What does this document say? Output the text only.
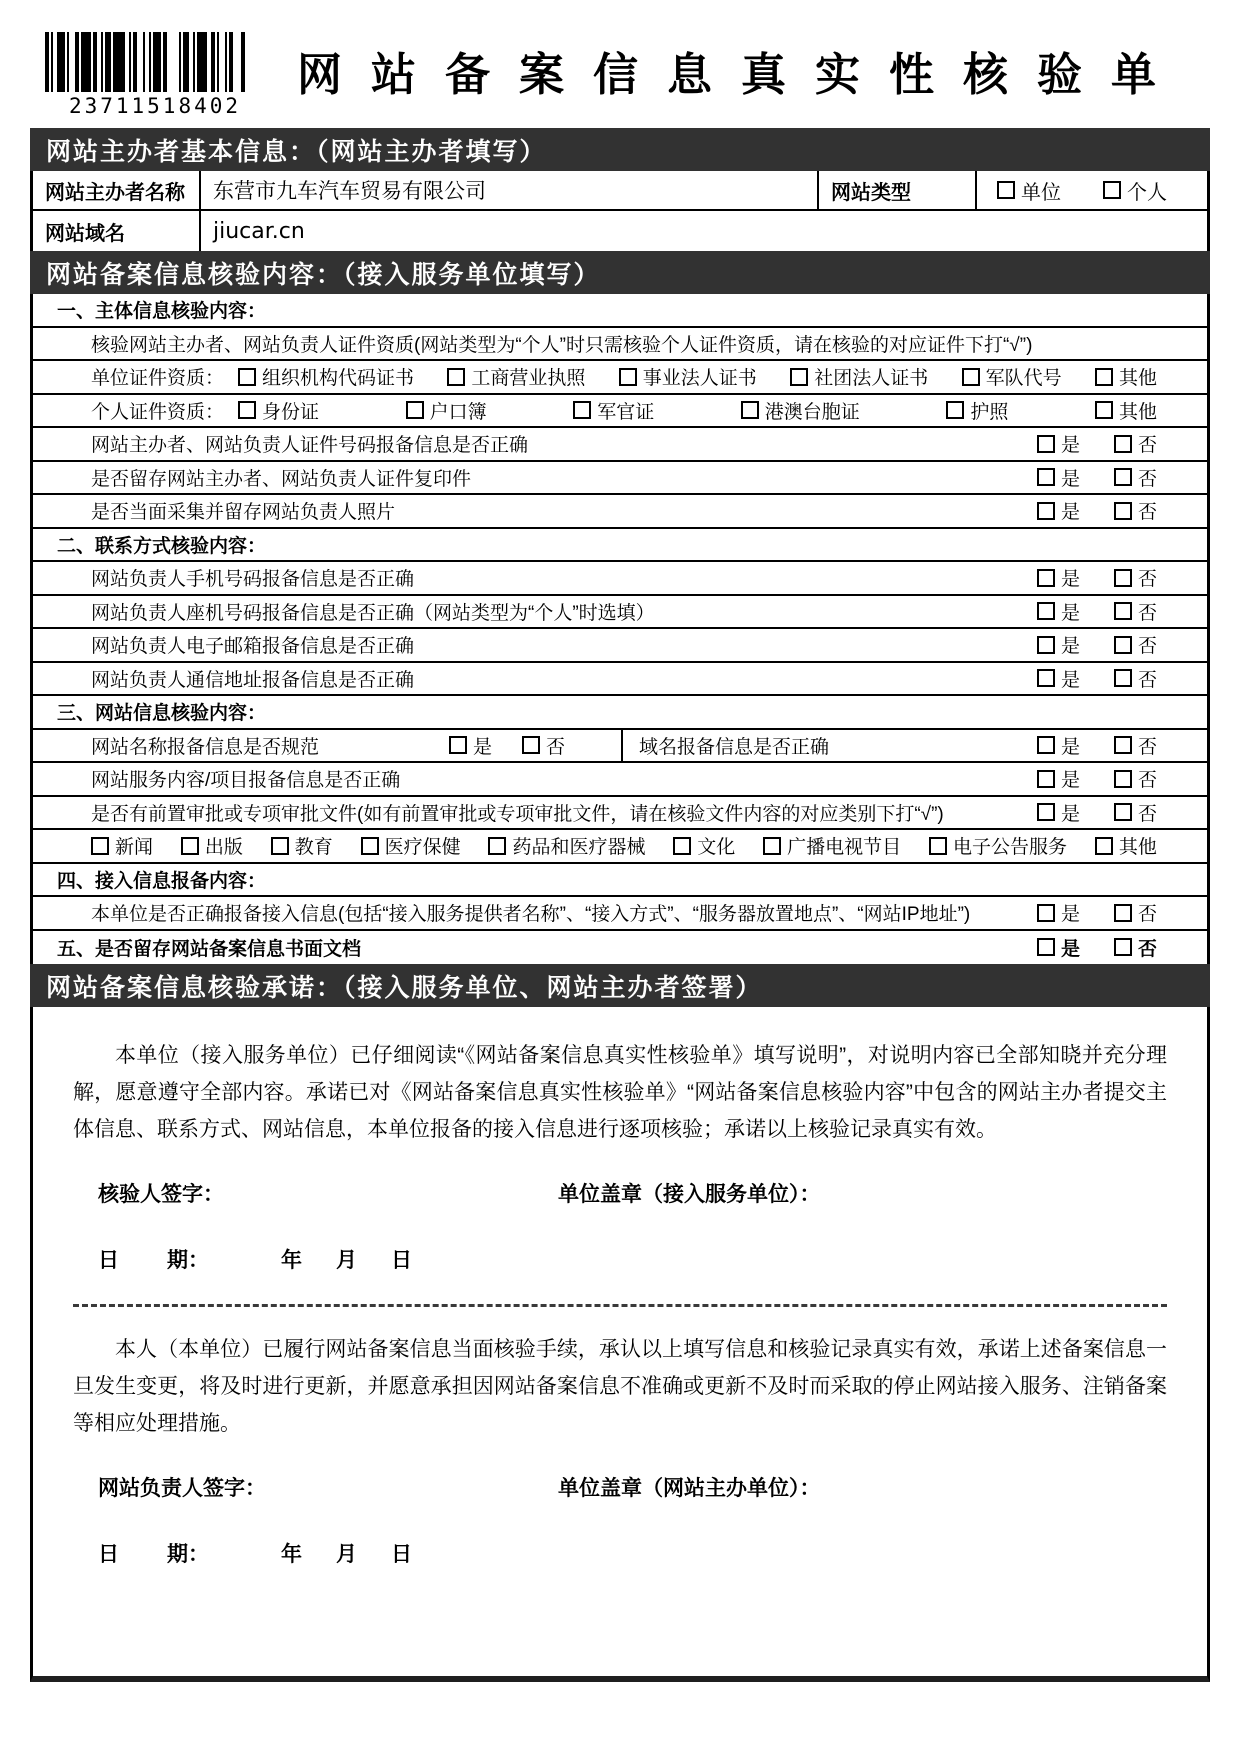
23711518402
网站备案信息真实性核验单
网站主办者基本信息：（网站主办者填写）
网站主办者名称	东营市九车汽车贸易有限公司	网站类型	单位	个人
网站域名	jiucar.cn
网站备案信息核验内容：（接入服务单位填写）
一、主体信息核验内容：
核验网站主办者、网站负责人证件资质(网站类型为“个人”时只需核验个人证件资质，请在核验的对应证件下打“√”)
单位证件资质： 组织机构代码证书	工商营业执照	事业法人证书	社团法人证书	军队代号	其他
个人证件资质： 身份证	户口簿	军官证	港澳台胞证	护照	其他
网站主办者、网站负责人证件号码报备信息是否正确	是	否
是否留存网站主办者、网站负责人证件复印件	是	否
是否当面采集并留存网站负责人照片	是	否
二、联系方式核验内容：
网站负责人手机号码报备信息是否正确	是	否
网站负责人座机号码报备信息是否正确（网站类型为“个人”时选填）	是	否
网站负责人电子邮箱报备信息是否正确	是	否
网站负责人通信地址报备信息是否正确	是	否
三、网站信息核验内容：
网站名称报备信息是否规范	是	否	域名报备信息是否正确	是	否
网站服务内容/项目报备信息是否正确	是	否
是否有前置审批或专项审批文件(如有前置审批或专项审批文件，请在核验文件内容的对应类别下打“√”)	是	否
新闻	出版	教育	医疗保健	药品和医疗器械	文化	广播电视节目	电子公告服务	其他
四、接入信息报备内容：
本单位是否正确报备接入信息(包括“接入服务提供者名称”、“接入方式”、“服务器放置地点”、“网站IP地址”)	是	否
五、是否留存网站备案信息书面文档	是	否
网站备案信息核验承诺：（接入服务单位、网站主办者签署）

本单位（接入服务单位）已仔细阅读“《网站备案信息真实性核验单》填写说明”，对说明内容已全部知晓并充分理解，愿意遵守全部内容。承诺已对《网站备案信息真实性核验单》“网站备案信息核验内容”中包含的网站主办者提交主体信息、联系方式、网站信息，本单位报备的接入信息进行逐项核验；承诺以上核验记录真实有效。

核验人签字：	单位盖章（接入服务单位）：
日 期：	年 月 日

本人（本单位）已履行网站备案信息当面核验手续，承认以上填写信息和核验记录真实有效，承诺上述备案信息一旦发生变更，将及时进行更新，并愿意承担因网站备案信息不准确或更新不及时而采取的停止网站接入服务、注销备案等相应处理措施。

网站负责人签字：	单位盖章（网站主办单位）：
日 期：	年 月 日
